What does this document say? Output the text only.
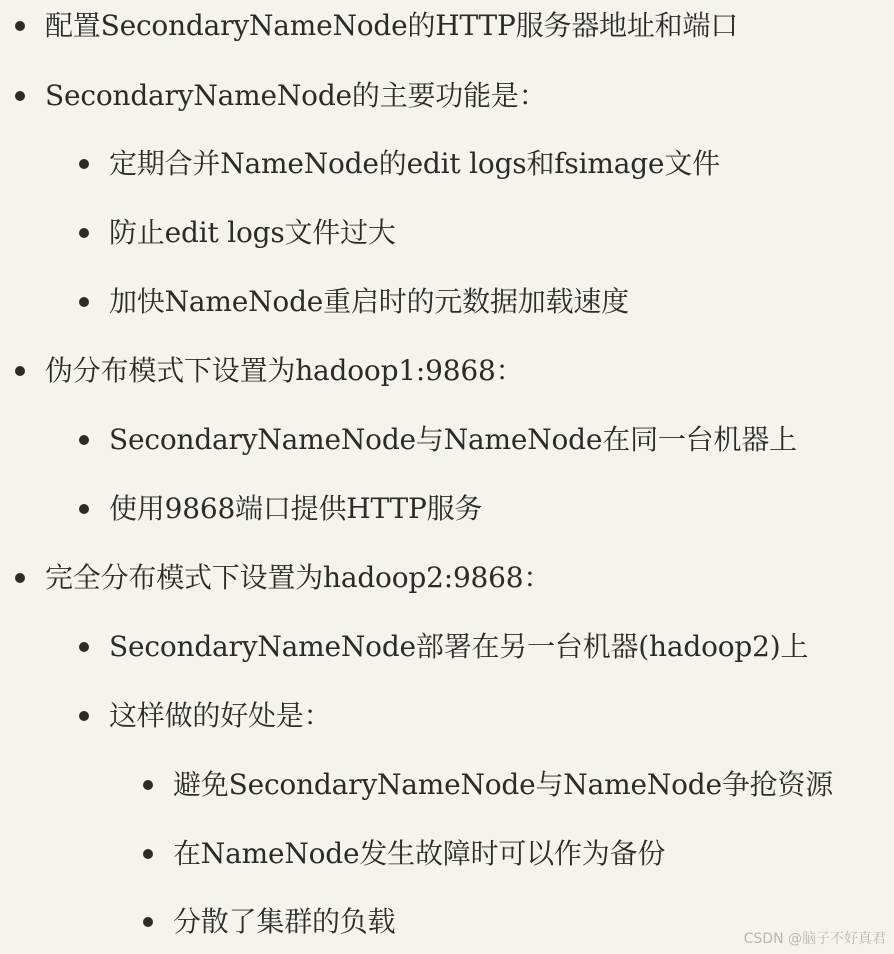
配置SecondaryNameNode的HTTP服务器地址和端口
SecondaryNameNode的主要功能是：
定期合并NameNode的edit logs和fsimage文件
防止edit logs文件过大
加快NameNode重启时的元数据加载速度
伪分布模式下设置为hadoop1:9868：
SecondaryNameNode与NameNode在同一台机器上
使用9868端口提供HTTP服务
完全分布模式下设置为hadoop2:9868：
SecondaryNameNode部署在另一台机器(hadoop2)上
这样做的好处是：
避免SecondaryNameNode与NameNode争抢资源
在NameNode发生故障时可以作为备份
分散了集群的负载
CSDN @脑子不好真君
